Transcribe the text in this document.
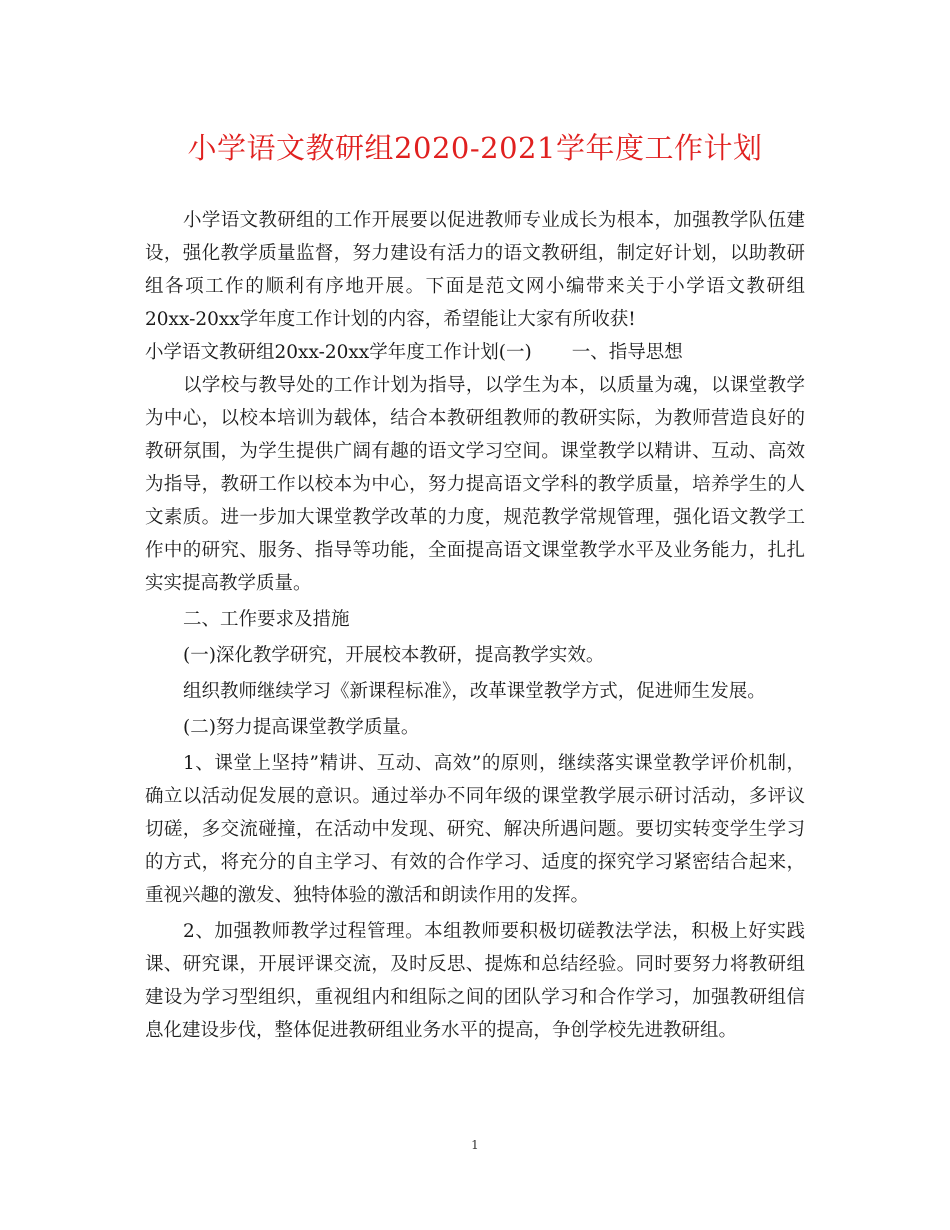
小学语文教研组2020-2021学年度工作计划

小学语文教研组的工作开展要以促进教师专业成长为根本，加强教学队伍建设，强化教学质量监督，努力建设有活力的语文教研组，制定好计划，以助教研组各项工作的顺利有序地开展。下面是范文网小编带来关于小学语文教研组20xx-20xx学年度工作计划的内容，希望能让大家有所收获!

小学语文教研组20xx-20xx学年度工作计划(一) 一、指导思想

以学校与教导处的工作计划为指导，以学生为本，以质量为魂，以课堂教学为中心，以校本培训为载体，结合本教研组教师的教研实际，为教师营造良好的教研氛围，为学生提供广阔有趣的语文学习空间。课堂教学以精讲、互动、高效为指导，教研工作以校本为中心，努力提高语文学科的教学质量，培养学生的人文素质。进一步加大课堂教学改革的力度，规范教学常规管理，强化语文教学工作中的研究、服务、指导等功能，全面提高语文课堂教学水平及业务能力，扎扎实实提高教学质量。

二、工作要求及措施

(一)深化教学研究，开展校本教研，提高教学实效。

组织教师继续学习《新课程标准》，改革课堂教学方式，促进师生发展。

(二)努力提高课堂教学质量。

1、课堂上坚持”精讲、互动、高效”的原则，继续落实课堂教学评价机制，确立以活动促发展的意识。通过举办不同年级的课堂教学展示研讨活动，多评议切磋，多交流碰撞，在活动中发现、研究、解决所遇问题。要切实转变学生学习的方式，将充分的自主学习、有效的合作学习、适度的探究学习紧密结合起来，重视兴趣的激发、独特体验的激活和朗读作用的发挥。

2、加强教师教学过程管理。本组教师要积极切磋教法学法，积极上好实践课、研究课，开展评课交流，及时反思、提炼和总结经验。同时要努力将教研组建设为学习型组织，重视组内和组际之间的团队学习和合作学习，加强教研组信息化建设步伐，整体促进教研组业务水平的提高，争创学校先进教研组。

1
